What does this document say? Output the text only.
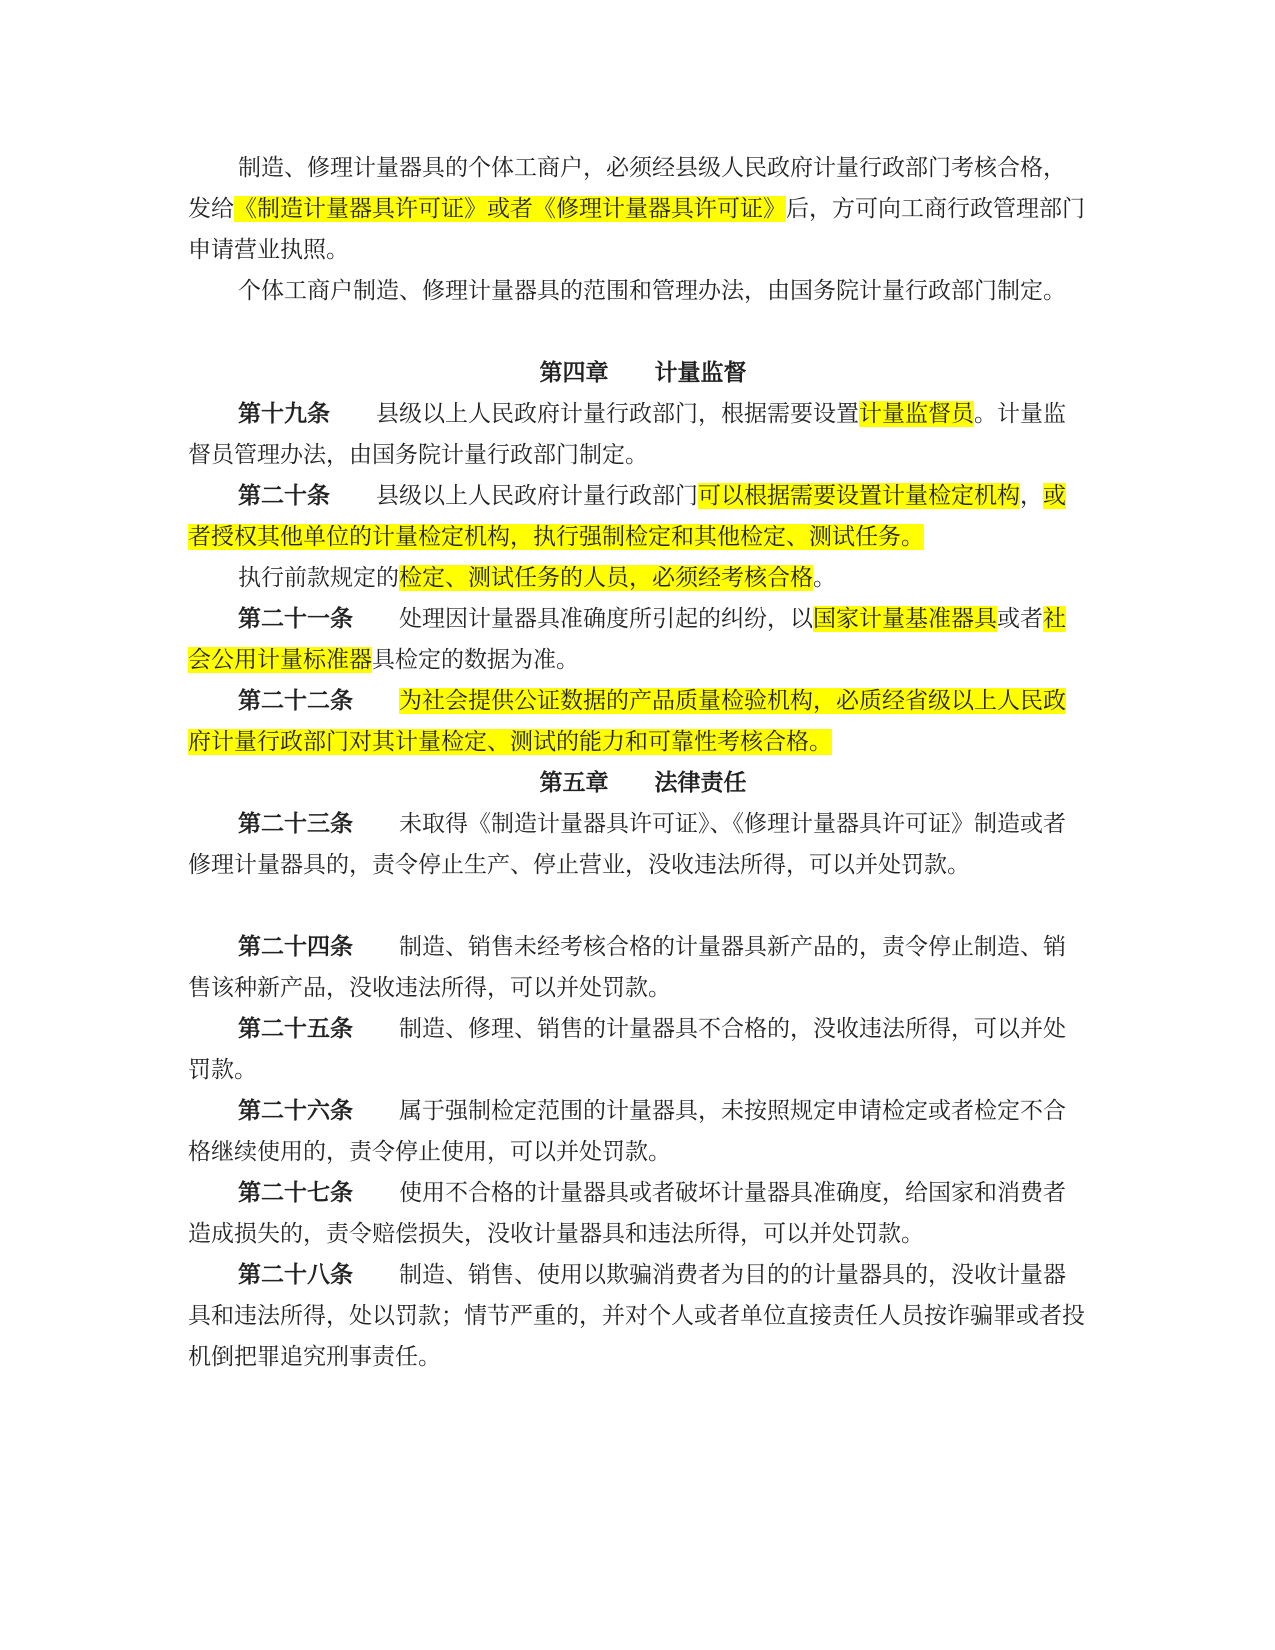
制造、修理计量器具的个体工商户，必须经县级人民政府计量行政部门考核合格，发给《制造计量器具许可证》或者《修理计量器具许可证》后，方可向工商行政管理部门申请营业执照。

个体工商户制造、修理计量器具的范围和管理办法，由国务院计量行政部门制定。

第四章 计量监督

第十九条 县级以上人民政府计量行政部门，根据需要设置计量监督员。计量监督员管理办法，由国务院计量行政部门制定。

第二十条 县级以上人民政府计量行政部门可以根据需要设置计量检定机构，或者授权其他单位的计量检定机构，执行强制检定和其他检定、测试任务。

执行前款规定的检定、测试任务的人员，必须经考核合格。

第二十一条 处理因计量器具准确度所引起的纠纷，以国家计量基准器具或者社会公用计量标准器具检定的数据为准。

第二十二条 为社会提供公证数据的产品质量检验机构，必质经省级以上人民政府计量行政部门对其计量检定、测试的能力和可靠性考核合格。

第五章 法律责任

第二十三条 未取得《制造计量器具许可证》、《修理计量器具许可证》制造或者修理计量器具的，责令停止生产、停止营业，没收违法所得，可以并处罚款。

第二十四条 制造、销售未经考核合格的计量器具新产品的，责令停止制造、销售该种新产品，没收违法所得，可以并处罚款。

第二十五条 制造、修理、销售的计量器具不合格的，没收违法所得，可以并处罚款。

第二十六条 属于强制检定范围的计量器具，未按照规定申请检定或者检定不合格继续使用的，责令停止使用，可以并处罚款。

第二十七条 使用不合格的计量器具或者破坏计量器具准确度，给国家和消费者造成损失的，责令赔偿损失，没收计量器具和违法所得，可以并处罚款。

第二十八条 制造、销售、使用以欺骗消费者为目的的计量器具的，没收计量器具和违法所得，处以罚款；情节严重的，并对个人或者单位直接责任人员按诈骗罪或者投机倒把罪追究刑事责任。
